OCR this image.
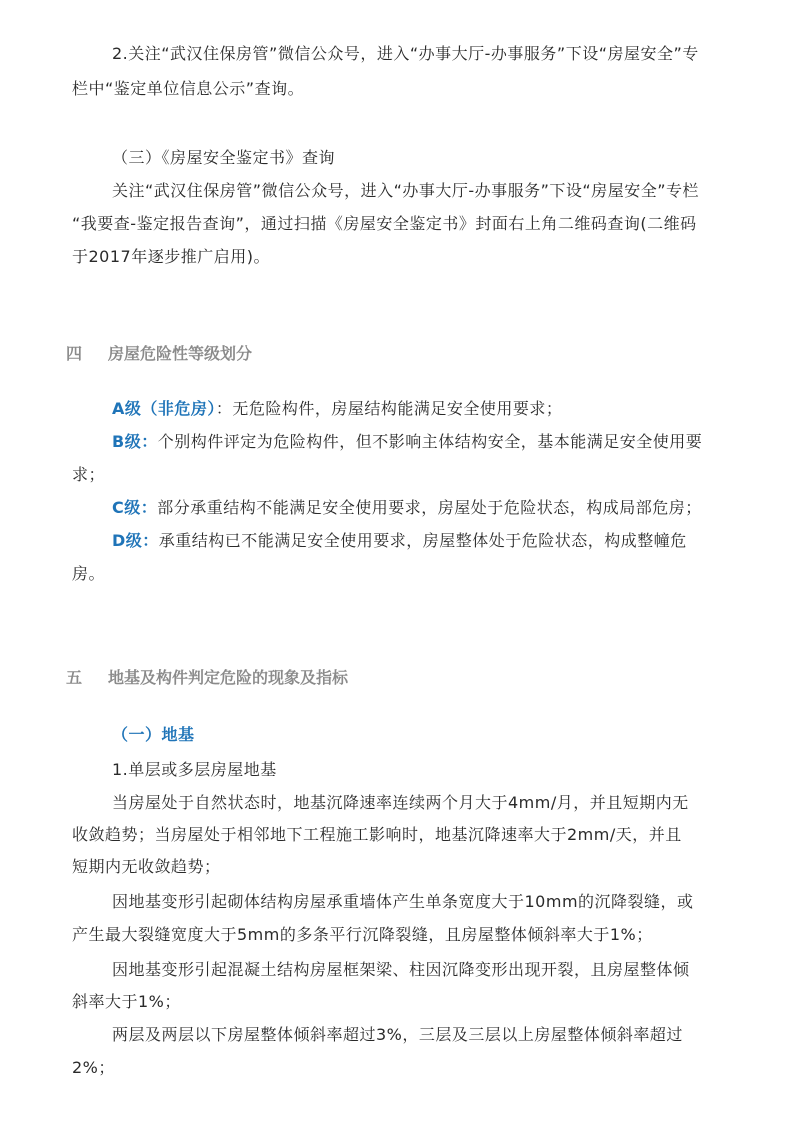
2.关注“武汉住保房管”微信公众号，进入“办事大厅-办事服务”下设“房屋安全”专
栏中“鉴定单位信息公示”查询。
（三）《房屋安全鉴定书》查询
关注“武汉住保房管”微信公众号，进入“办事大厅-办事服务”下设“房屋安全”专栏
“我要查-鉴定报告查询”，通过扫描《房屋安全鉴定书》封面右上角二维码查询(二维码
于2017年逐步推广启用)。
四 房屋危险性等级划分
A级（非危房）：无危险构件，房屋结构能满足安全使用要求；
B级：个别构件评定为危险构件，但不影响主体结构安全，基本能满足安全使用要
求；
C级：部分承重结构不能满足安全使用要求，房屋处于危险状态，构成局部危房；
D级：承重结构已不能满足安全使用要求，房屋整体处于危险状态，构成整幢危
房。
五 地基及构件判定危险的现象及指标
（一）地基
1.单层或多层房屋地基
当房屋处于自然状态时，地基沉降速率连续两个月大于4mm/月，并且短期内无
收敛趋势；当房屋处于相邻地下工程施工影响时，地基沉降速率大于2mm/天，并且
短期内无收敛趋势；
因地基变形引起砌体结构房屋承重墙体产生单条宽度大于10mm的沉降裂缝，或
产生最大裂缝宽度大于5mm的多条平行沉降裂缝，且房屋整体倾斜率大于1%；
因地基变形引起混凝土结构房屋框架梁、柱因沉降变形出现开裂，且房屋整体倾
斜率大于1%；
两层及两层以下房屋整体倾斜率超过3%，三层及三层以上房屋整体倾斜率超过
2%；
